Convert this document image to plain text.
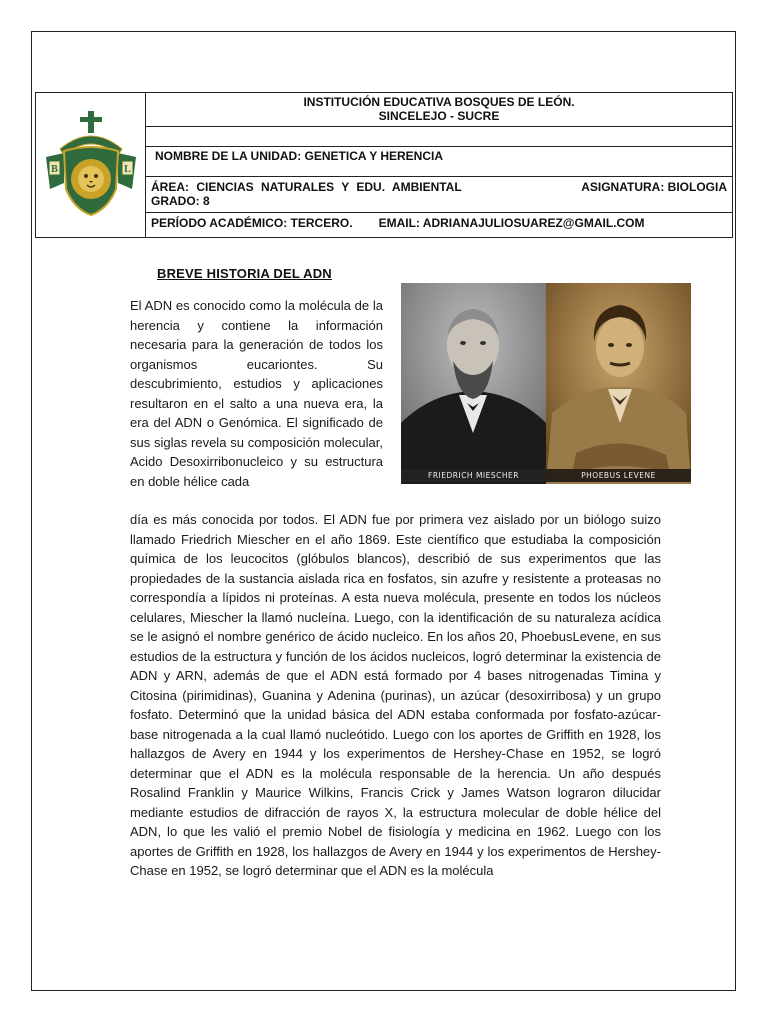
B	L
INSTITUCIÓN EDUCATIVA BOSQUES DE LEÓN.
SINCELEJO - SUCRE
NOMBRE DE LA UNIDAD: GENETICA Y HERENCIA
ÁREA: CIENCIAS NATURALES Y EDU. AMBIENTAL	ASIGNATURA: BIOLOGIA
GRADO: 8
PERÍODO ACADÉMICO: TERCERO. EMAIL: ADRIANAJULIOSUAREZ@GMAIL.COM
BREVE HISTORIA DEL ADN
FRIEDRICH MIESCHER	PHOEBUS LEVENE
El ADN es conocido como la molécula de la herencia y contiene la información necesaria para la generación de todos los organismos eucariontes. Su descubrimiento, estudios y aplicaciones resultaron en el salto a una nueva era, la era del ADN o Genómica. El significado de sus siglas revela su composición molecular, Acido Desoxirribonucleico y su estructura en doble hélice cada
día es más conocida por todos. El ADN fue por primera vez aislado por un biólogo suizo llamado Friedrich Miescher en el año 1869. Este científico que estudiaba la composición química de los leucocitos (glóbulos blancos), describió de sus experimentos que las propiedades de la sustancia aislada rica en fosfatos, sin azufre y resistente a proteasas no correspondía a lípidos ni proteínas. A esta nueva molécula, presente en todos los núcleos celulares, Miescher la llamó nucleína. Luego, con la identificación de su naturaleza acídica se le asignó el nombre genérico de ácido nucleico. En los años 20, PhoebusLevene, en sus estudios de la estructura y función de los ácidos nucleicos, logró determinar la existencia de ADN y ARN, además de que el ADN está formado por 4 bases nitrogenadas Timina y Citosina (pirimidinas), Guanina y Adenina (purinas), un azúcar (desoxirribosa) y un grupo fosfato. Determinó que la unidad básica del ADN estaba conformada por fosfato-azúcar-base nitrogenada a la cual llamó nucleótido. Luego con los aportes de Griffith en 1928, los hallazgos de Avery en 1944 y los experimentos de Hershey-Chase en 1952, se logró determinar que el ADN es la molécula responsable de la herencia. Un año después Rosalind Franklin y Maurice Wilkins, Francis Crick y James Watson lograron dilucidar mediante estudios de difracción de rayos X, la estructura molecular de doble hélice del ADN, lo que les valió el premio Nobel de fisiología y medicina en 1962. Luego con los aportes de Griffith en 1928, los hallazgos de Avery en 1944 y los experimentos de Hershey-Chase en 1952, se logró determinar que el ADN es la molécula
